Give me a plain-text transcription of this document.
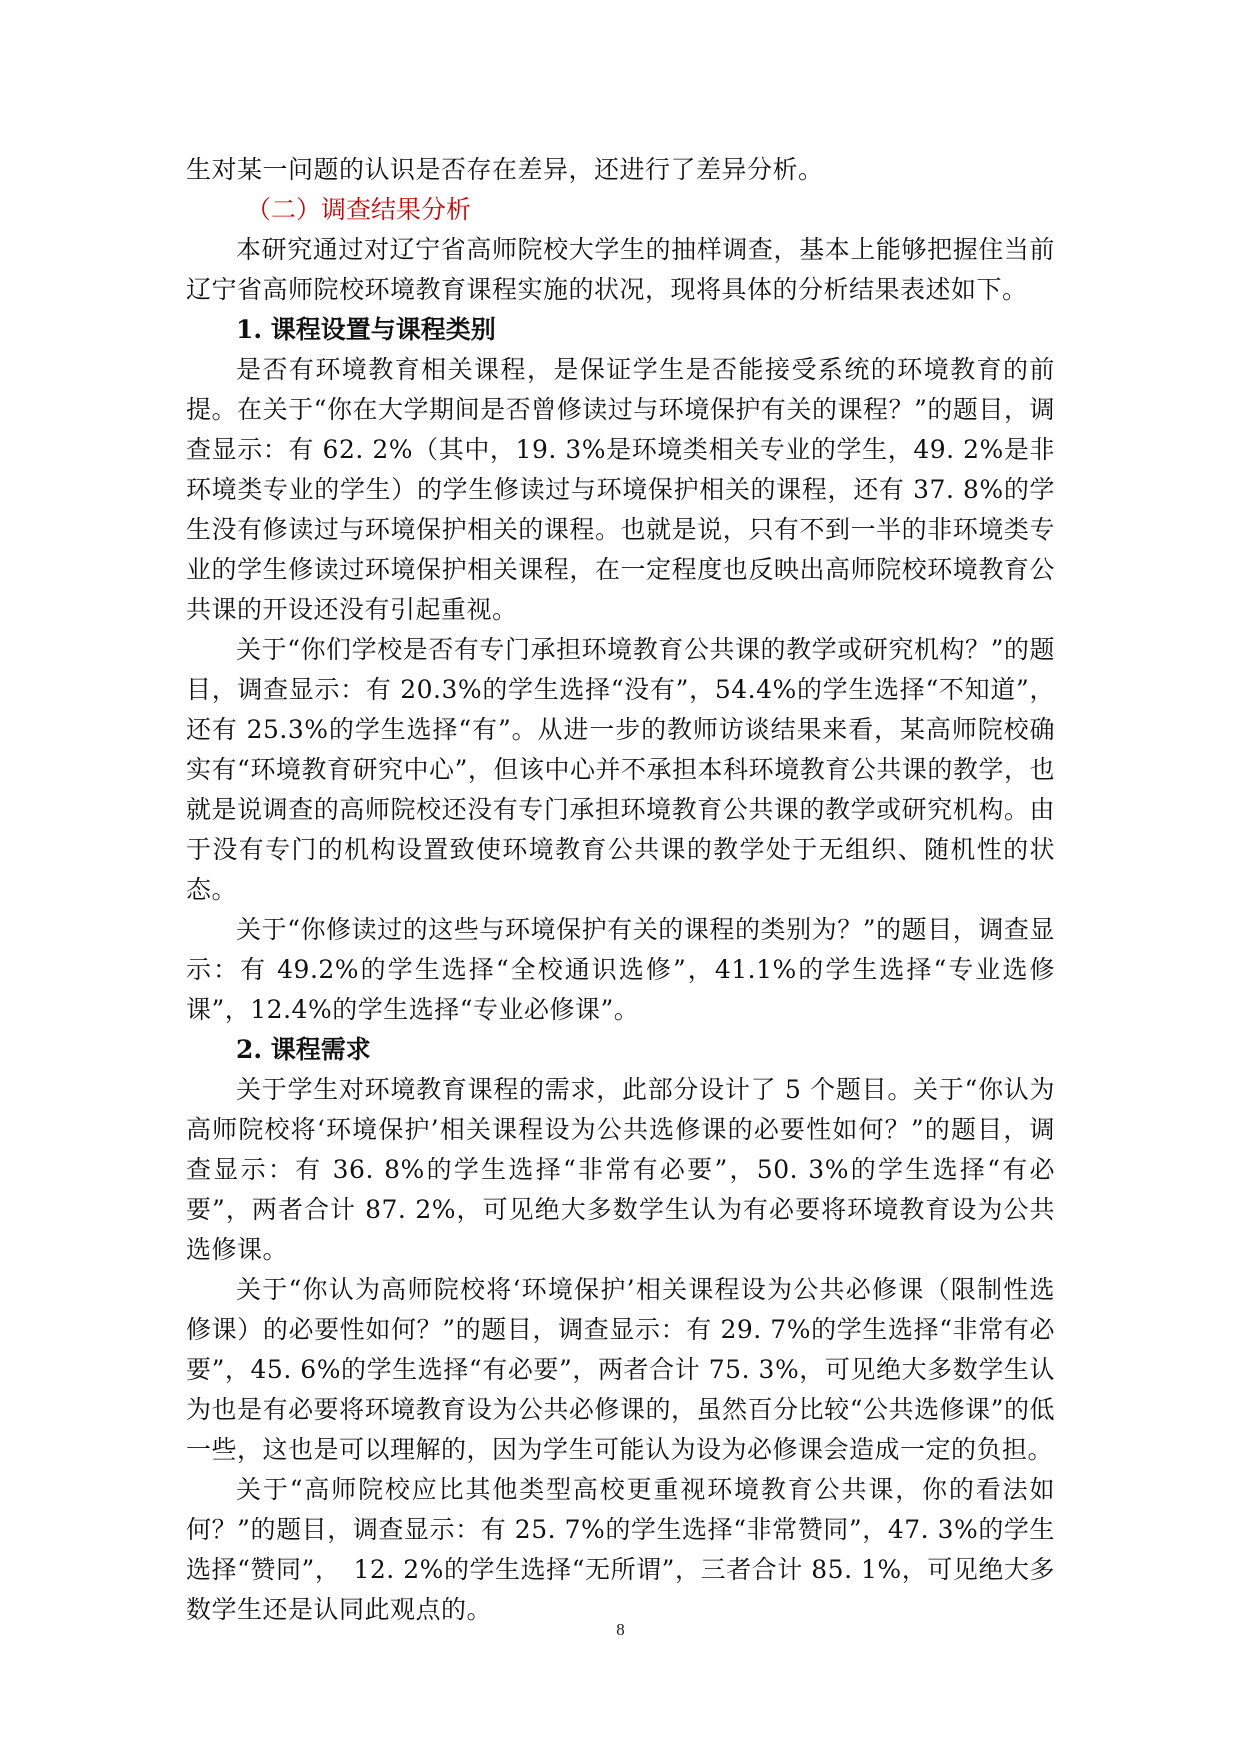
生对某一问题的认识是否存在差异，还进行了差异分析。

（二）调查结果分析

本研究通过对辽宁省高师院校大学生的抽样调查，基本上能够把握住当前辽宁省高师院校环境教育课程实施的状况，现将具体的分析结果表述如下。

1. 课程设置与课程类别

是否有环境教育相关课程，是保证学生是否能接受系统的环境教育的前提。在关于“你在大学期间是否曾修读过与环境保护有关的课程？”的题目，调查显示：有 62. 2%（其中，19. 3%是环境类相关专业的学生，49. 2%是非环境类专业的学生）的学生修读过与环境保护相关的课程，还有 37. 8%的学生没有修读过与环境保护相关的课程。也就是说，只有不到一半的非环境类专业的学生修读过环境保护相关课程，在一定程度也反映出高师院校环境教育公共课的开设还没有引起重视。

关于“你们学校是否有专门承担环境教育公共课的教学或研究机构？”的题目，调查显示：有 20.3%的学生选择“没有”，54.4%的学生选择“不知道”，还有 25.3%的学生选择“有”。从进一步的教师访谈结果来看，某高师院校确实有“环境教育研究中心”，但该中心并不承担本科环境教育公共课的教学，也就是说调查的高师院校还没有专门承担环境教育公共课的教学或研究机构。由于没有专门的机构设置致使环境教育公共课的教学处于无组织、随机性的状态。

关于“你修读过的这些与环境保护有关的课程的类别为？”的题目，调查显示：有 49.2%的学生选择“全校通识选修”，41.1%的学生选择“专业选修课”，12.4%的学生选择“专业必修课”。

2. 课程需求

关于学生对环境教育课程的需求，此部分设计了 5 个题目。关于“你认为高师院校将‘环境保护’相关课程设为公共选修课的必要性如何？”的题目，调查显示：有 36. 8%的学生选择“非常有必要”，50. 3%的学生选择“有必要”，两者合计 87. 2%，可见绝大多数学生认为有必要将环境教育设为公共选修课。

关于“你认为高师院校将‘环境保护’相关课程设为公共必修课（限制性选修课）的必要性如何？”的题目，调查显示：有 29. 7%的学生选择“非常有必要”，45. 6%的学生选择“有必要”，两者合计 75. 3%，可见绝大多数学生认为也是有必要将环境教育设为公共必修课的，虽然百分比较“公共选修课”的低一些，这也是可以理解的，因为学生可能认为设为必修课会造成一定的负担。

关于“高师院校应比其他类型高校更重视环境教育公共课，你的看法如何？”的题目，调查显示：有 25. 7%的学生选择“非常赞同”，47. 3%的学生选择“赞同”，　12. 2%的学生选择“无所谓”，三者合计 85. 1%，可见绝大多数学生还是认同此观点的。

8
